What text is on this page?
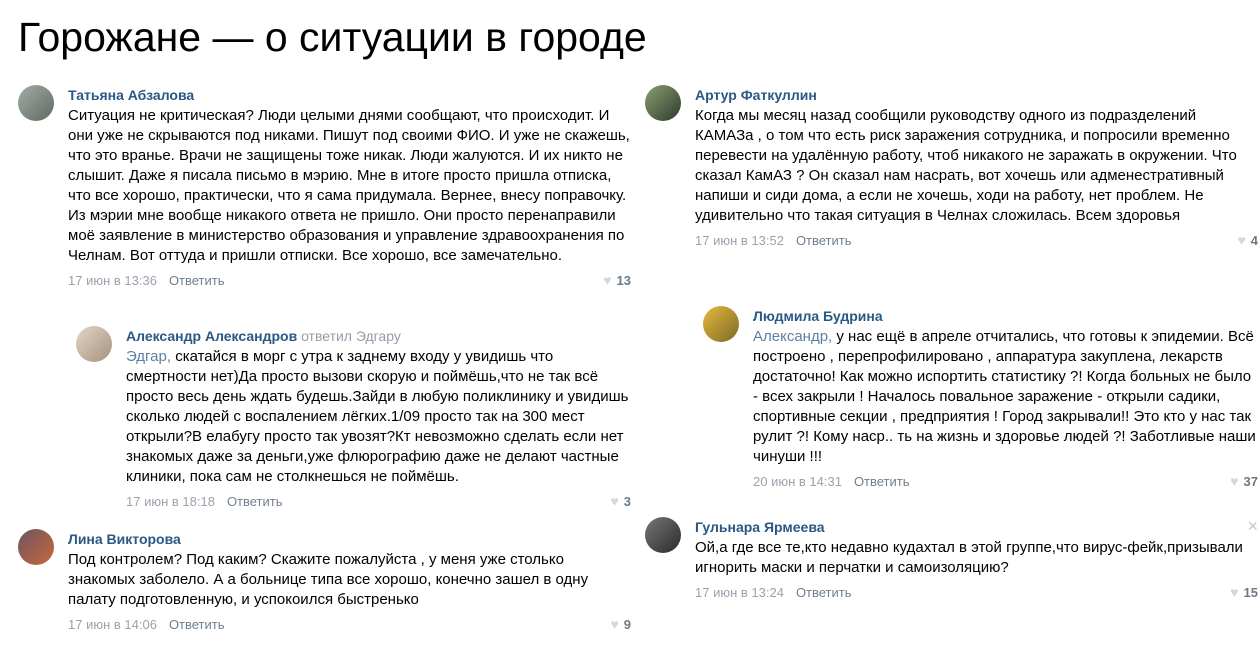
Горожане — о ситуации в городе
Татьяна Абзалова
Ситуация не критическая? Люди целыми днями сообщают, что происходит. И они уже не скрываются под никами. Пишут под своими ФИО. И уже не скажешь, что это вранье. Врачи не защищены тоже никак. Люди жалуются. И их никто не слышит. Даже я писала письмо в мэрию. Мне в итоге просто пришла отписка, что все хорошо, практически, что я сама придумала. Вернее, внесу поправочку. Из мэрии мне вообще никакого ответа не пришло. Они просто перенаправили моё заявление в министерство образования и управление здравоохранения по Челнам. Вот оттуда и пришли отписки. Все хорошо, все замечательно.
17 июн в 13:36 Ответить	♥ 13
Александр Александров ответил Эдгару
Эдгар, скатайся в морг с утра к заднему входу у увидишь что смертности нет)Да просто вызови скорую и поймёшь,что не так всё просто весь день ждать будешь.Зайди в любую поликлинику и увидишь сколько людей с воспалением лёгких.1/09 просто так на 300 мест открыли?В елабугу просто так увозят?Кт невозможно сделать если нет знакомых даже за деньги,уже флюрографию даже не делают частные клиники, пока сам не столкнешься не поймёшь.
17 июн в 18:18 Ответить	♥ 3
Лина Викторова
Под контролем? Под каким? Скажите пожалуйста , у меня уже столько знакомых заболело. А а больнице типа все хорошо, конечно зашел в одну палату подготовленную, и успокоился быстренько
17 июн в 14:06 Ответить	♥ 9
Артур Фаткуллин
Когда мы месяц назад сообщили руководству одного из подразделений КАМАЗа , о том что есть риск заражения сотрудника, и попросили временно перевести на удалённую работу, чтоб никакого не заражать в окружении. Что сказал КамАЗ ? Он сказал нам насрать, вот хочешь или адменестративный напиши и сиди дома, а если не хочешь, ходи на работу, нет проблем. Не удивительно что такая ситуация в Челнах сложилась. Всем здоровья
17 июн в 13:52 Ответить	♥ 4
Людмила Будрина
Александр, у нас ещё в апреле отчитались, что готовы к эпидемии. Всё построено , перепрофилировано , аппаратура закуплена, лекарств достаточно! Как можно испортить статистику ?! Когда больных не было - всех закрыли ! Началось повальное заражение - открыли садики, спортивные секции , предприятия ! Город закрывали!! Это кто у нас так рулит ?! Кому наср.. ть на жизнь и здоровье людей ?! Заботливые наши чинуши !!!
20 июн в 14:31 Ответить	♥ 37
Гульнара Ярмеева
Ой,а где все те,кто недавно кудахтал в этой группе,что вирус-фейк,призывали игнорить маски и перчатки и самоизоляцию?
17 июн в 13:24 Ответить	♥ 15
×
